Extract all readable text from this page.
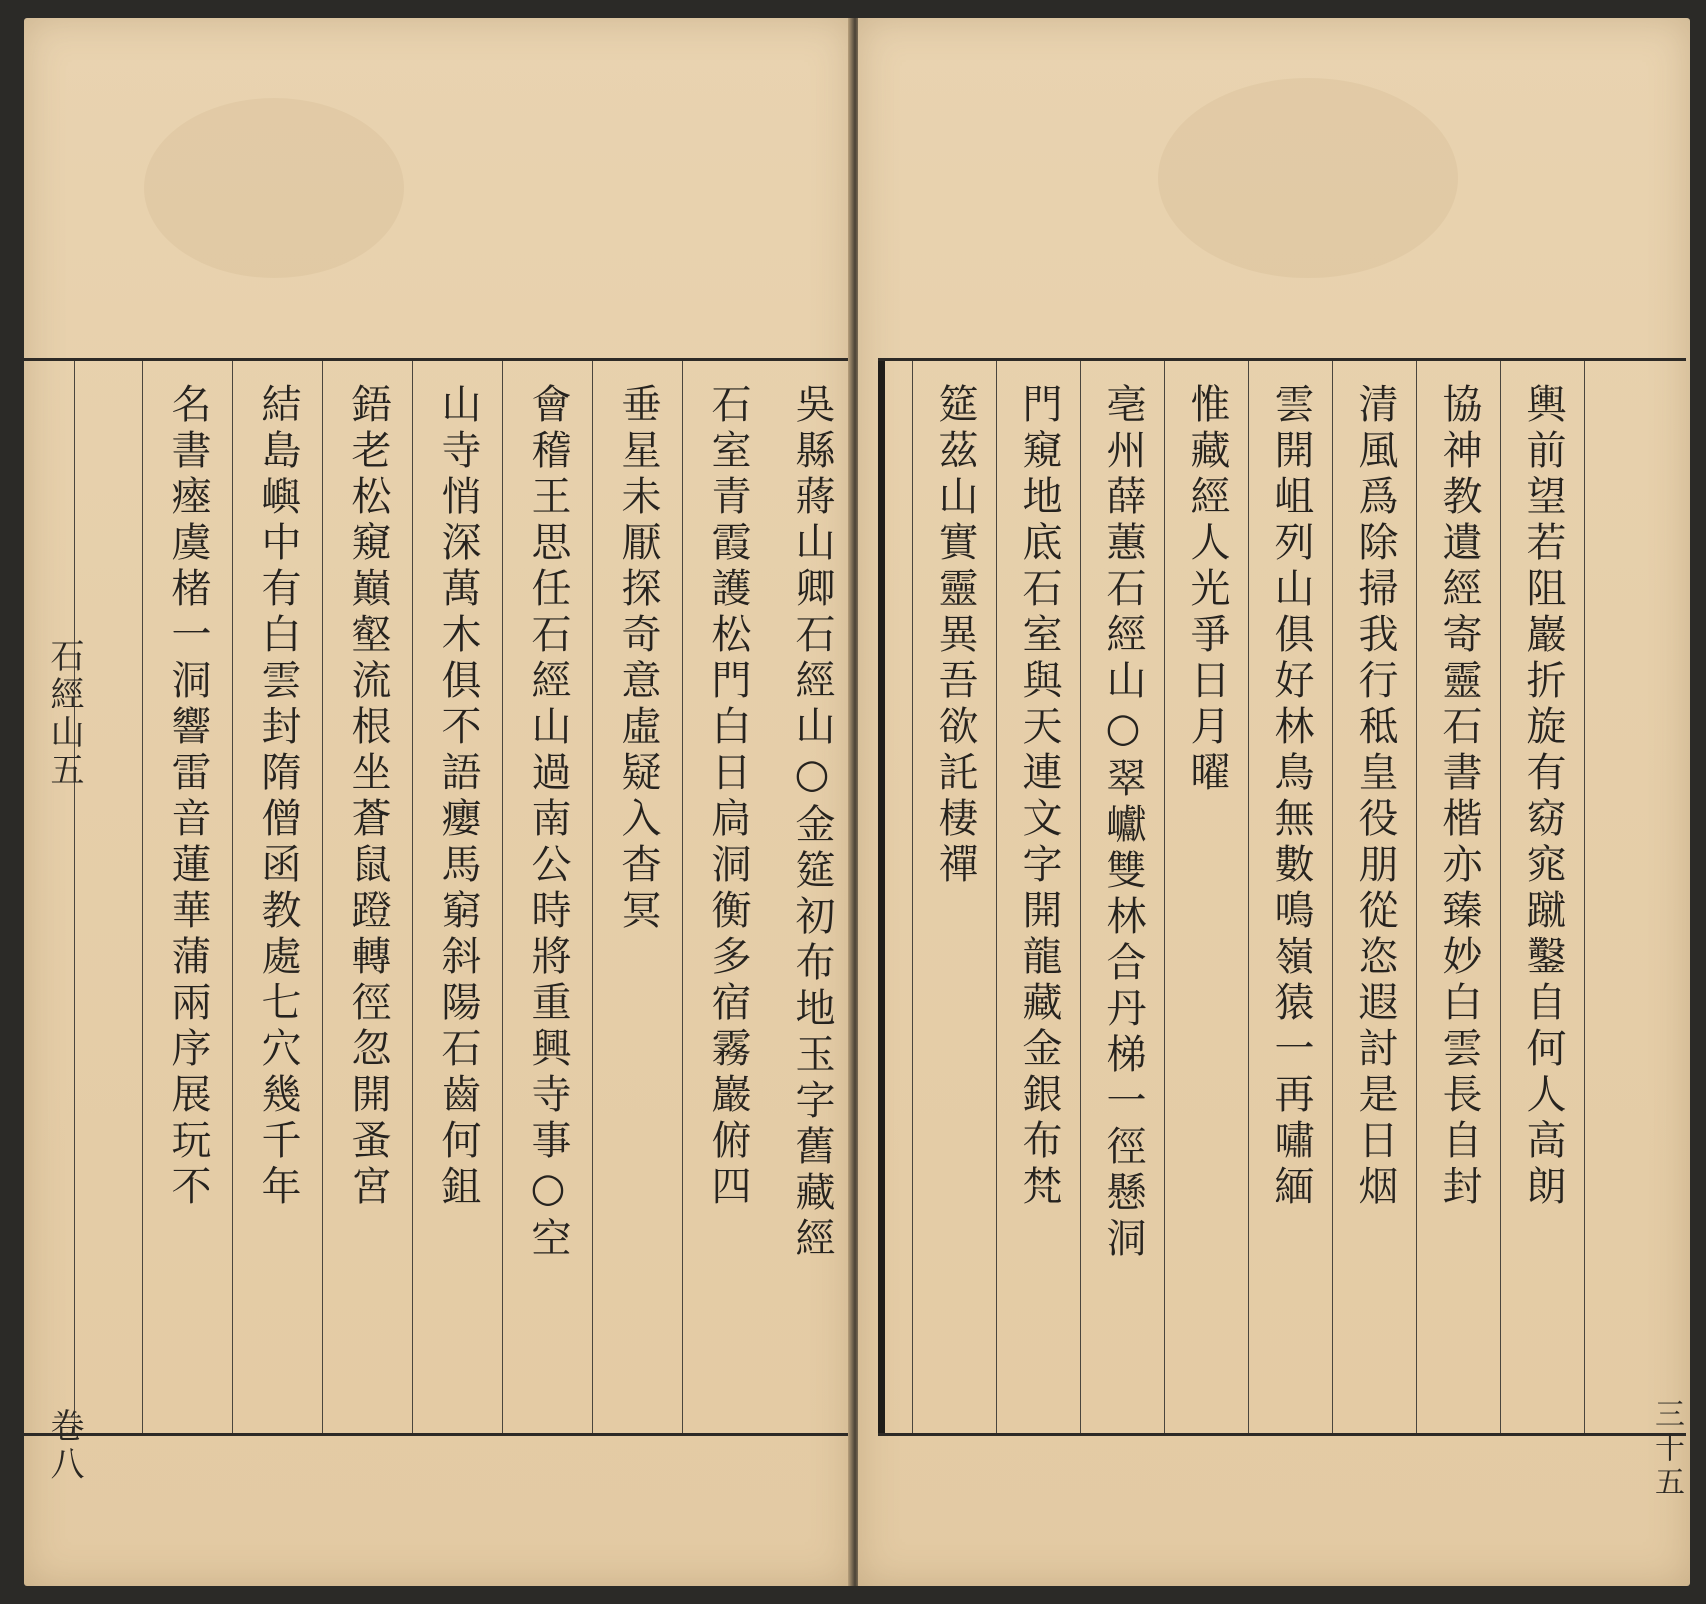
吳縣蔣山卿石經山○金筵初布地玉字舊藏經
石室青霞護松門白日扃洞衡多宿霧巖俯四
垂星未厭探奇意虛疑入杳冥
會稽王思任石經山過南公時將重興寺事○空
山寺悄深萬木俱不語癭馬窮斜陽石齒何鉏
鋙老松窺巔壑流根坐蒼鼠蹬轉徑忽開蚤宮
結島嶼中有白雲封隋僧函教處七穴幾千年
名書瘞虞楮一洞響雷音蓮華蒲兩序展玩不
石經山五
卷八
輿前望若阻巖折旋有窈窕蹴鑿自何人高朗
協神教遺經寄靈石書楷亦臻妙白雲長自封
清風爲除掃我行秪皇役朋從恣遐討是日烟
雲開岨列山俱好林鳥無數鳴嶺猿一再嘯緬
惟藏經人光爭日月曜
亳州薛蕙石經山○翠巘雙林合丹梯一徑懸洞
門窺地底石室與天連文字開龍藏金銀布梵
筵茲山實靈異吾欲託棲禪
三十五
